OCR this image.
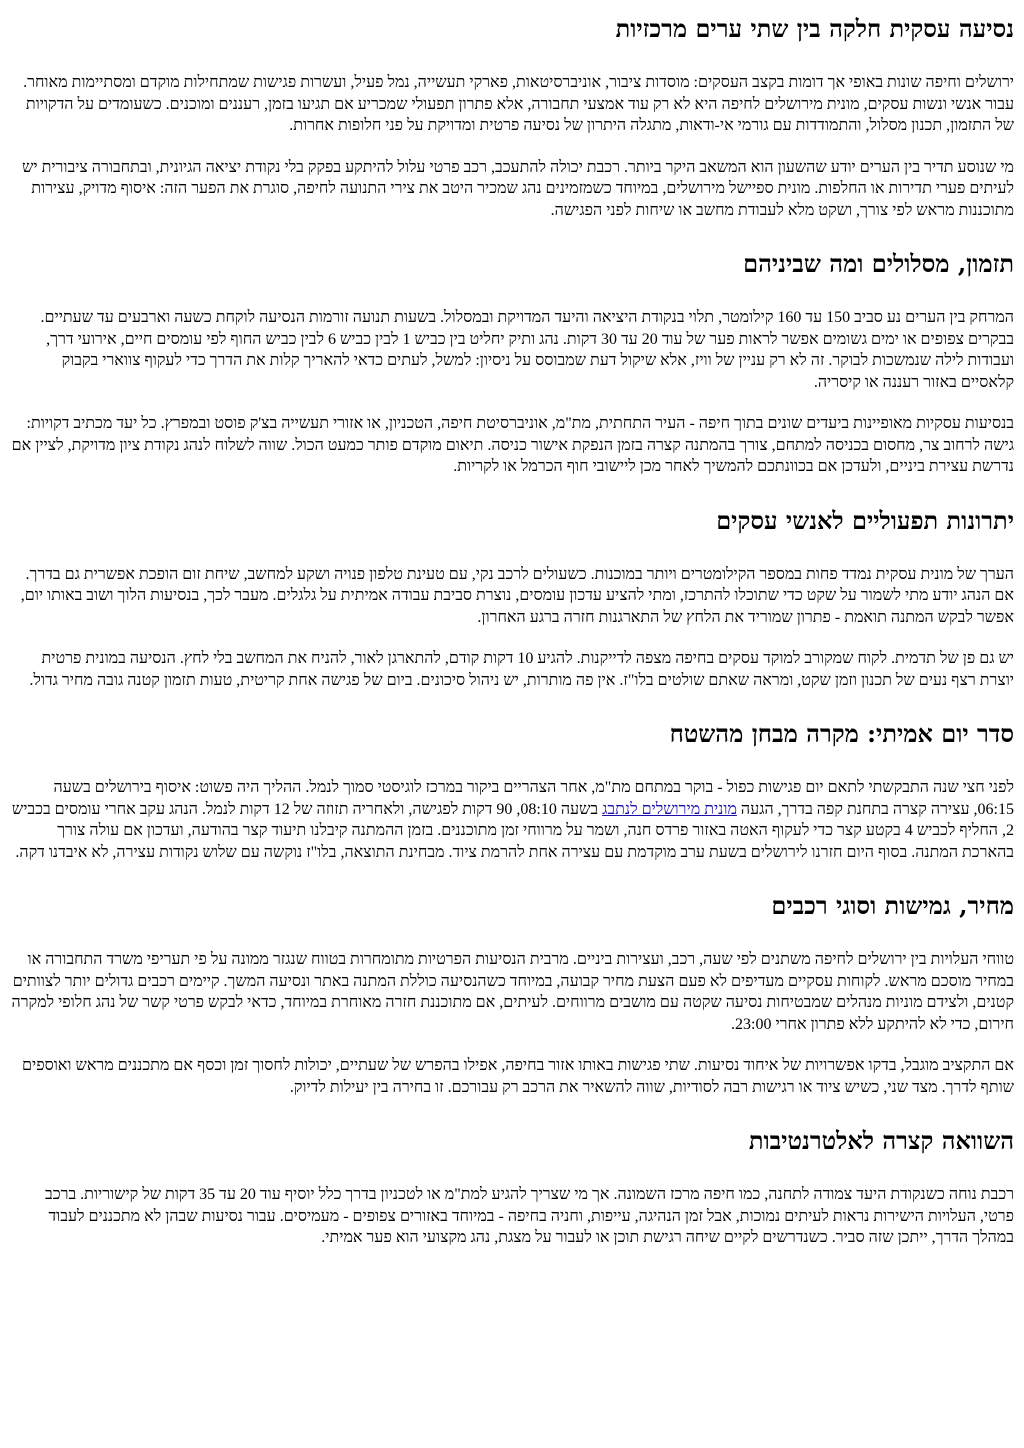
נסיעה עסקית חלקה בין שתי ערים מרכזיות

ירושלים וחיפה שונות באופי אך דומות בקצב העסקים: מוסדות ציבור, אוניברסיטאות, פארקי תעשייה, נמל פעיל, ועשרות פגישות שמתחילות מוקדם ומסתיימות מאוחר. עבור אנשי ונשות עסקים, מונית מירושלים לחיפה היא לא רק עוד אמצעי תחבורה, אלא פתרון תפעולי שמכריע אם תגיעו בזמן, רעננים ומוכנים. כשעומדים על הדקויות של התזמון, תכנון מסלול, והתמודדות עם גורמי אי-ודאות, מתגלה היתרון של נסיעה פרטית ומדויקת על פני חלופות אחרות.

מי שנוסע תדיר בין הערים יודע שהשעון הוא המשאב היקר ביותר. רכבת יכולה להתעכב, רכב פרטי עלול להיתקע בפקק בלי נקודת יציאה הגיונית, ובתחבורה ציבורית יש לעיתים פערי תדירות או החלפות. מונית ספיישל מירושלים, במיוחד כשמזמינים נהג שמכיר היטב את צירי התנועה לחיפה, סוגרת את הפער הזה: איסוף מדויק, עצירות מתוכננות מראש לפי צורך, ושקט מלא לעבודת מחשב או שיחות לפני הפגישה.

תזמון, מסלולים ומה שביניהם

המרחק בין הערים נע סביב 150 עד 160 קילומטר, תלוי בנקודת היציאה והיעד המדויקת ובמסלול. בשעות תנועה זורמות הנסיעה לוקחת כשעה וארבעים עד שעתיים. בבקרים צפופים או ימים גשומים אפשר לראות פער של עוד 20 עד 30 דקות. נהג ותיק יחליט בין כביש 1 לבין כביש 6 לבין כביש החוף לפי עומסים חיים, אירועי דרך, ועבודות לילה שנמשכות לבוקר. זה לא רק עניין של וויז, אלא שיקול דעת שמבוסס על ניסיון: למשל, לעתים כדאי להאריך קלות את הדרך כדי לעקוף צווארי בקבוק קלאסיים באזור רעננה או קיסריה.

בנסיעות עסקיות מאופיינות ביעדים שונים בתוך חיפה - העיר התחתית, מת"מ, אוניברסיטת חיפה, הטכניון, או אזורי תעשייה בצ'ק פוסט ובמפרץ. כל יעד מכתיב דקויות: גישה לרחוב צר, מחסום בכניסה למתחם, צורך בהמתנה קצרה בזמן הנפקת אישור כניסה. תיאום מוקדם פותר כמעט הכול. שווה לשלוח לנהג נקודת ציון מדויקת, לציין אם נדרשת עצירת ביניים, ולעדכן אם בכוונתכם להמשיך לאחר מכן ליישובי חוף הכרמל או לקריות.

יתרונות תפעוליים לאנשי עסקים

הערך של מונית עסקית נמדד פחות במספר הקילומטרים ויותר במוכנות. כשעולים לרכב נקי, עם טעינת טלפון פנויה ושקע למחשב, שיחת זום הופכת אפשרית גם בדרך. אם הנהג יודע מתי לשמור על שקט כדי שתוכלו להתרכז, ומתי להציע עדכון עומסים, נוצרת סביבת עבודה אמיתית על גלגלים. מעבר לכך, בנסיעות הלוך ושוב באותו יום, אפשר לבקש המתנה תואמת - פתרון שמוריד את הלחץ של התארגנות חזרה ברגע האחרון.

יש גם פן של תדמית. לקוח שמקורב למוקד עסקים בחיפה מצפה לדייקנות. להגיע 10 דקות קודם, להתארגן לאור, להניח את המחשב בלי לחץ. הנסיעה במונית פרטית יוצרת רצף נעים של תכנון וזמן שקט, ומראה שאתם שולטים בלו"ז. אין פה מותרות, יש ניהול סיכונים. ביום של פגישה אחת קריטית, טעות תזמון קטנה גובה מחיר גדול.

סדר יום אמיתי: מקרה מבחן מהשטח

לפני חצי שנה התבקשתי לתאם יום פגישות כפול - בוקר במתחם מת"מ, אחר הצהריים ביקור במרכז לוגיסטי סמוך לנמל. ההליך היה פשוט: איסוף בירושלים בשעה 06:15, עצירה קצרה בתחנת קפה בדרך, הגעה מונית מירושלים לנתבג בשעה 08:10, 90 דקות לפגישה, ולאחריה תזוזה של 12 דקות לנמל. הנהג עקב אחרי עומסים בכביש 2, החליף לכביש 4 בקטע קצר כדי לעקוף האטה באזור פרדס חנה, ושמר על מרווחי זמן מתוכננים. בזמן ההמתנה קיבלנו תיעוד קצר בהודעה, ועדכון אם עולה צורך בהארכת המתנה. בסוף היום חזרנו לירושלים בשעת ערב מוקדמת עם עצירה אחת להרמת ציוד. מבחינת התוצאה, בלו"ז נוקשה עם שלוש נקודות עצירה, לא איבדנו דקה.

מחיר, גמישות וסוגי רכבים

טווחי העלויות בין ירושלים לחיפה משתנים לפי שעה, רכב, ועצירות ביניים. מרבית הנסיעות הפרטיות מתומחרות בטווח שנגזר ממונה על פי תעריפי משרד התחבורה או במחיר מוסכם מראש. לקוחות עסקיים מעדיפים לא פעם הצעת מחיר קבועה, במיוחד כשהנסיעה כוללת המתנה באתר ונסיעה המשך. קיימים רכבים גדולים יותר לצוותים קטנים, ולצידם מוניות מנהלים שמבטיחות נסיעה שקטה עם מושבים מרווחים. לעיתים, אם מתוכננת חזרה מאוחרת במיוחד, כדאי לבקש פרטי קשר של נהג חלופי למקרה חירום, כדי לא להיתקע ללא פתרון אחרי 23:00.

אם התקציב מוגבל, בדקו אפשרויות של איחוד נסיעות. שתי פגישות באותו אזור בחיפה, אפילו בהפרש של שעתיים, יכולות לחסוך זמן וכסף אם מתכננים מראש ואוספים שותף לדרך. מצד שני, כשיש ציוד או רגישות רבה לסודיות, שווה להשאיר את הרכב רק עבורכם. זו בחירה בין יעילות לדיוק.

השוואה קצרה לאלטרנטיבות

רכבת נוחה כשנקודת היעד צמודה לתחנה, כמו חיפה מרכז השמונה. אך מי שצריך להגיע למת"מ או לטכניון בדרך כלל יוסיף עוד 20 עד 35 דקות של קישוריות. ברכב פרטי, העלויות הישירות נראות לעיתים נמוכות, אבל זמן הנהיגה, עייפות, וחניה בחיפה - במיוחד באזורים צפופים - מעמיסים. עבור נסיעות שבהן לא מתכננים לעבוד במהלך הדרך, ייתכן שזה סביר. כשנדרשים לקיים שיחה רגישת תוכן או לעבור על מצגת, נהג מקצועי הוא פער אמיתי.
